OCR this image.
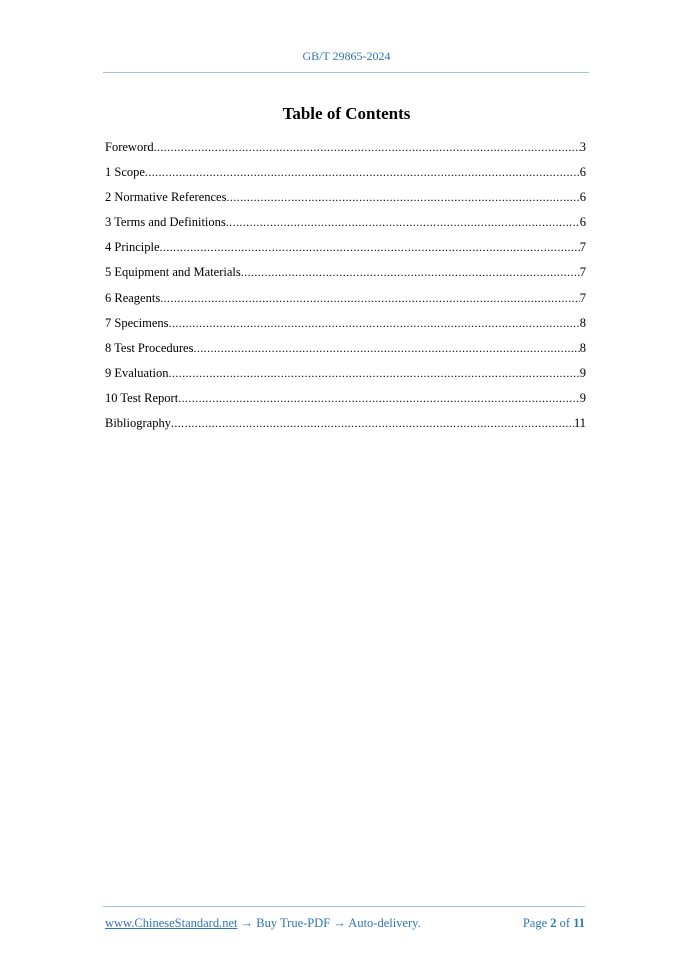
GB/T 29865-2024
Table of Contents
Foreword .....	3
1 Scope .....	6
2 Normative References .....	6
3 Terms and Definitions .....	6
4 Principle .....	7
5 Equipment and Materials .....	7
6 Reagents .....	7
7 Specimens .....	8
8 Test Procedures .....	8
9 Evaluation .....	9
10 Test Report .....	9
Bibliography .....	11
www.ChineseStandard.net → Buy True-PDF → Auto-delivery.	Page 2 of 11
